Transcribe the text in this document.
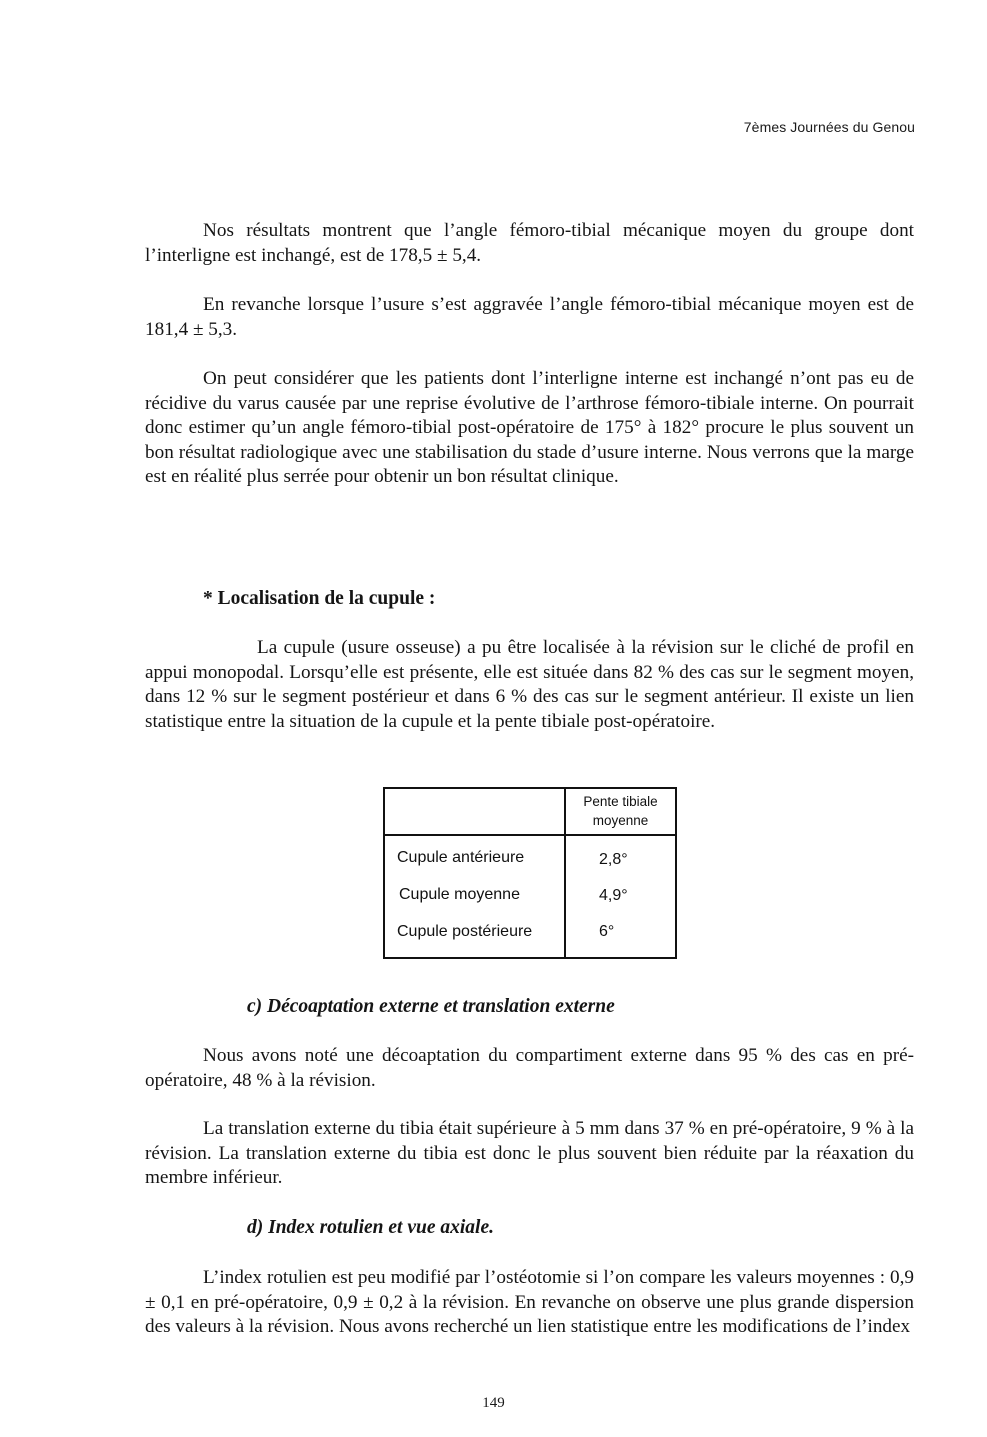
7èmes Journées du Genou

Nos résultats montrent que l’angle fémoro-tibial mécanique moyen du groupe dont l’interligne est inchangé, est de 178,5 ± 5,4.

En revanche lorsque l’usure s’est aggravée l’angle fémoro-tibial mécanique moyen est de 181,4 ± 5,3.

On peut considérer que les patients dont l’interligne interne est inchangé n’ont pas eu de récidive du varus causée par une reprise évolutive de l’arthrose fémoro-tibiale interne. On pourrait donc estimer qu’un angle fémoro-tibial post-opératoire de 175° à 182° procure le plus souvent un bon résultat radiologique avec une stabilisation du stade d’usure interne. Nous verrons que la marge est en réalité plus serrée pour obtenir un bon résultat clinique.

* Localisation de la cupule :

La cupule (usure osseuse) a pu être localisée à la révision sur le cliché de profil en appui monopodal. Lorsqu’elle est présente, elle est située dans 82 % des cas sur le segment moyen, dans 12 % sur le segment postérieur et dans 6 % des cas sur le segment antérieur. Il existe un lien statistique entre la situation de la cupule et la pente tibiale post-opératoire.

Pente tibiale
moyenne
Cupule antérieure	2,8°
Cupule moyenne	4,9°
Cupule postérieure	6°

c) Décoaptation externe et translation externe

Nous avons noté une décoaptation du compartiment externe dans 95 % des cas en pré-opératoire, 48 % à la révision.

La translation externe du tibia était supérieure à 5 mm dans 37 % en pré-opératoire, 9 % à la révision. La translation externe du tibia est donc le plus souvent bien réduite par la réaxation du membre inférieur.

d) Index rotulien et vue axiale.

L’index rotulien est peu modifié par l’ostéotomie si l’on compare les valeurs moyennes : 0,9 ± 0,1 en pré-opératoire, 0,9 ± 0,2 à la révision. En revanche on observe une plus grande dispersion des valeurs à la révision. Nous avons recherché un lien statistique entre les modifications de l’index

149
